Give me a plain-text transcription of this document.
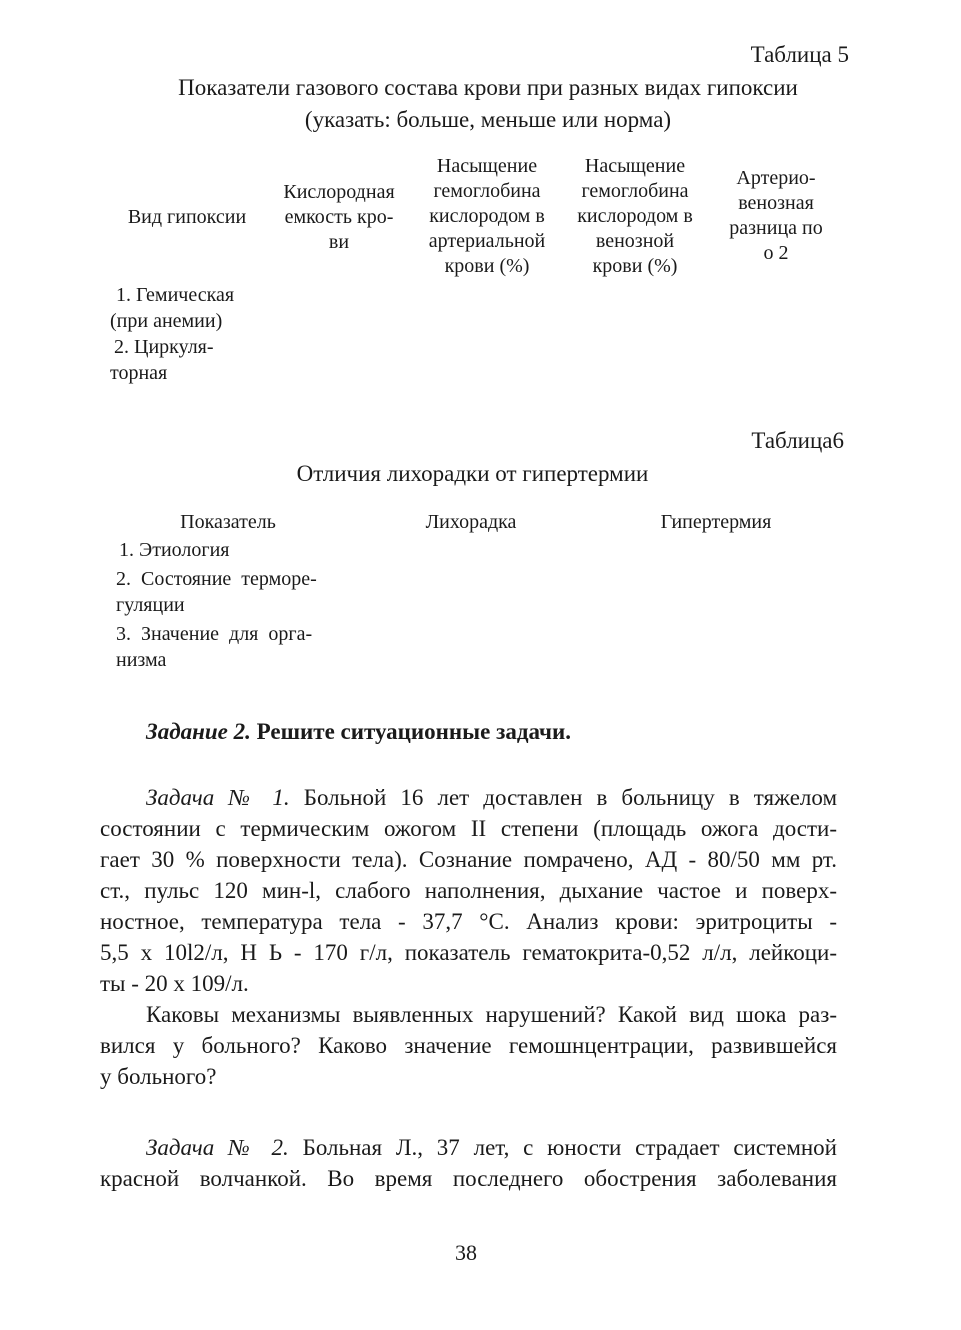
Таблица 5
Показатели газового состава крови при разных видах гипоксии
(указать: больше, меньше или норма)
Вид гипоксии
Кислородная
емкость кро-
ви
Насыщение
гемоглобина
кислородом в
артериальной
крови (%)
Насыщение
гемоглобина
кислородом в
венозной
крови (%)
Артерио-
венозная
разница по
о 2
1. Гемическая
(при анемии)
2. Циркуля-
торная
Таблица6
Отличия лихорадки от гипертермии
Показатель	Лихорадка	Гипертермия
1. Этиология
2.  Состояние  терморе-
гуляции
3.  Значение  для  орга-
низма
Задание 2. Решите ситуационные задачи.
Задача № 1. Больной 16 лет доставлен в больницу в тяжелом
состоянии с термическим ожогом II степени (площадь ожога дости-
гает 30 % поверхности тела). Сознание помрачено, АД - 80/50 мм рт.
ст., пульс 120 мин-l, слабого наполнения, дыхание частое и поверх-
ностное, температура тела - 37,7 °С. Анализ крови: эритроциты -
5,5 х 10l2/л, Н Ь - 170 г/л, показатель гематокрита-0,52 л/л, лейкоци-
ты - 20 х 109/л.
Каковы механизмы выявленных нарушений? Какой вид шока раз-
вился у больного? Каково значение гемошнцентрации, развившейся
у больного?
Задача № 2. Больная Л., 37 лет, с юности страдает системной
красной волчанкой. Во время последнего обострения заболевания
38
